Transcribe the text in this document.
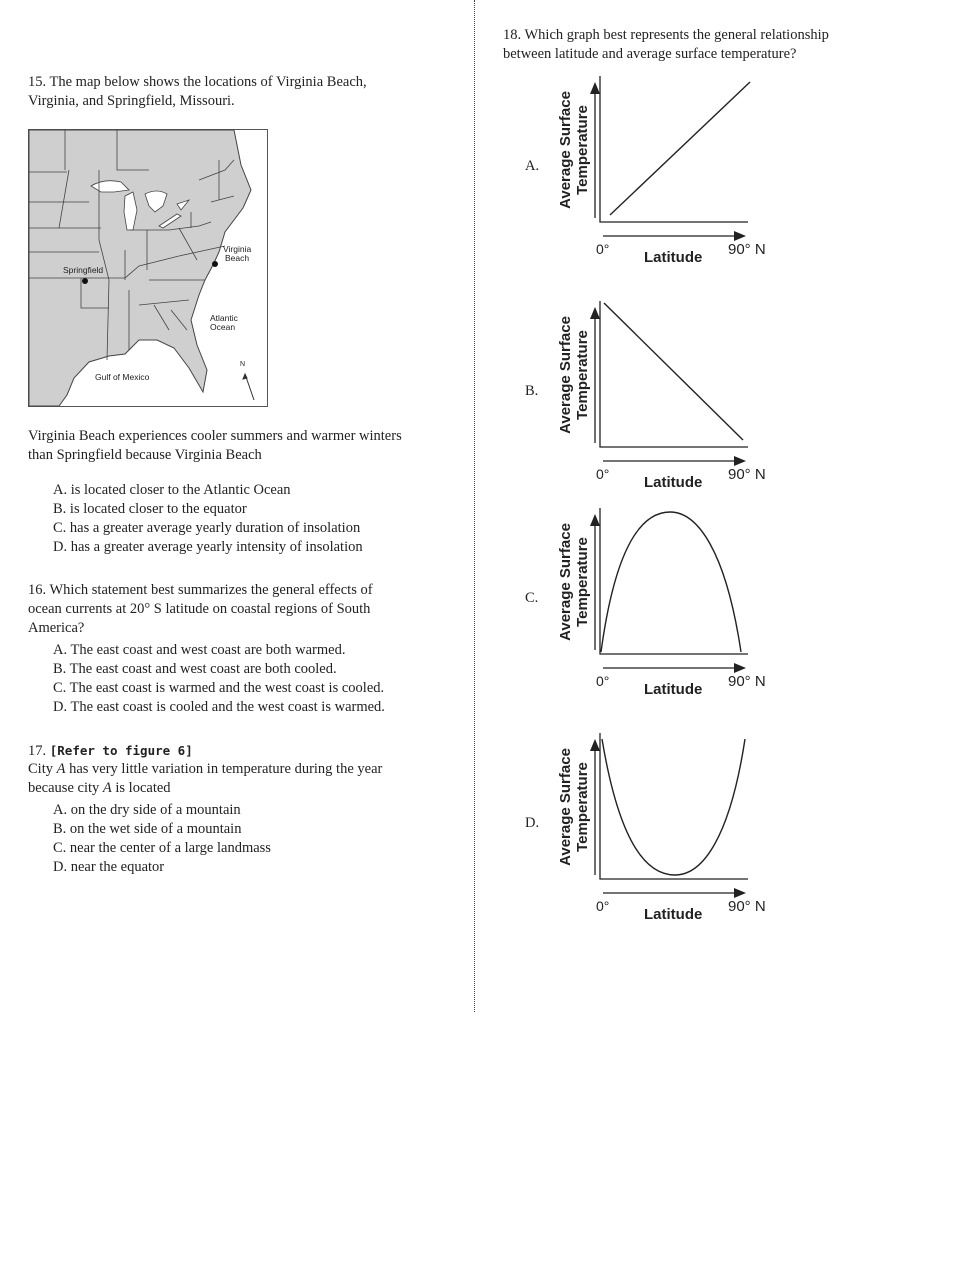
15. The map below shows the locations of Virginia Beach,
Virginia, and Springfield, Missouri.
Springfield
Virginia
Beach
Atlantic
Ocean
Gulf of Mexico
N
Virginia Beach experiences cooler summers and warmer winters
than Springfield because Virginia Beach
A. is located closer to the Atlantic Ocean
B. is located closer to the equator
C. has a greater average yearly duration of insolation
D. has a greater average yearly intensity of insolation
16. Which statement best summarizes the general effects of
ocean currents at 20° S latitude on coastal regions of South
America?
A. The east coast and west coast are both warmed.
B. The east coast and west coast are both cooled.
C. The east coast is warmed and the west coast is cooled.
D. The east coast is cooled and the west coast is warmed.
17. [Refer to figure 6]
City A has very little variation in temperature during the year
because city A is located
A. on the dry side of a mountain
B. on the wet side of a mountain
C. near the center of a large landmass
D. near the equator
18. Which graph best represents the general relationship
between latitude and average surface temperature?
A. Average Surface Temperature
0° Latitude 90° N
B. Average Surface Temperature
0° Latitude 90° N
C. Average Surface Temperature
0° Latitude 90° N
D. Average Surface Temperature
0° Latitude 90° N
